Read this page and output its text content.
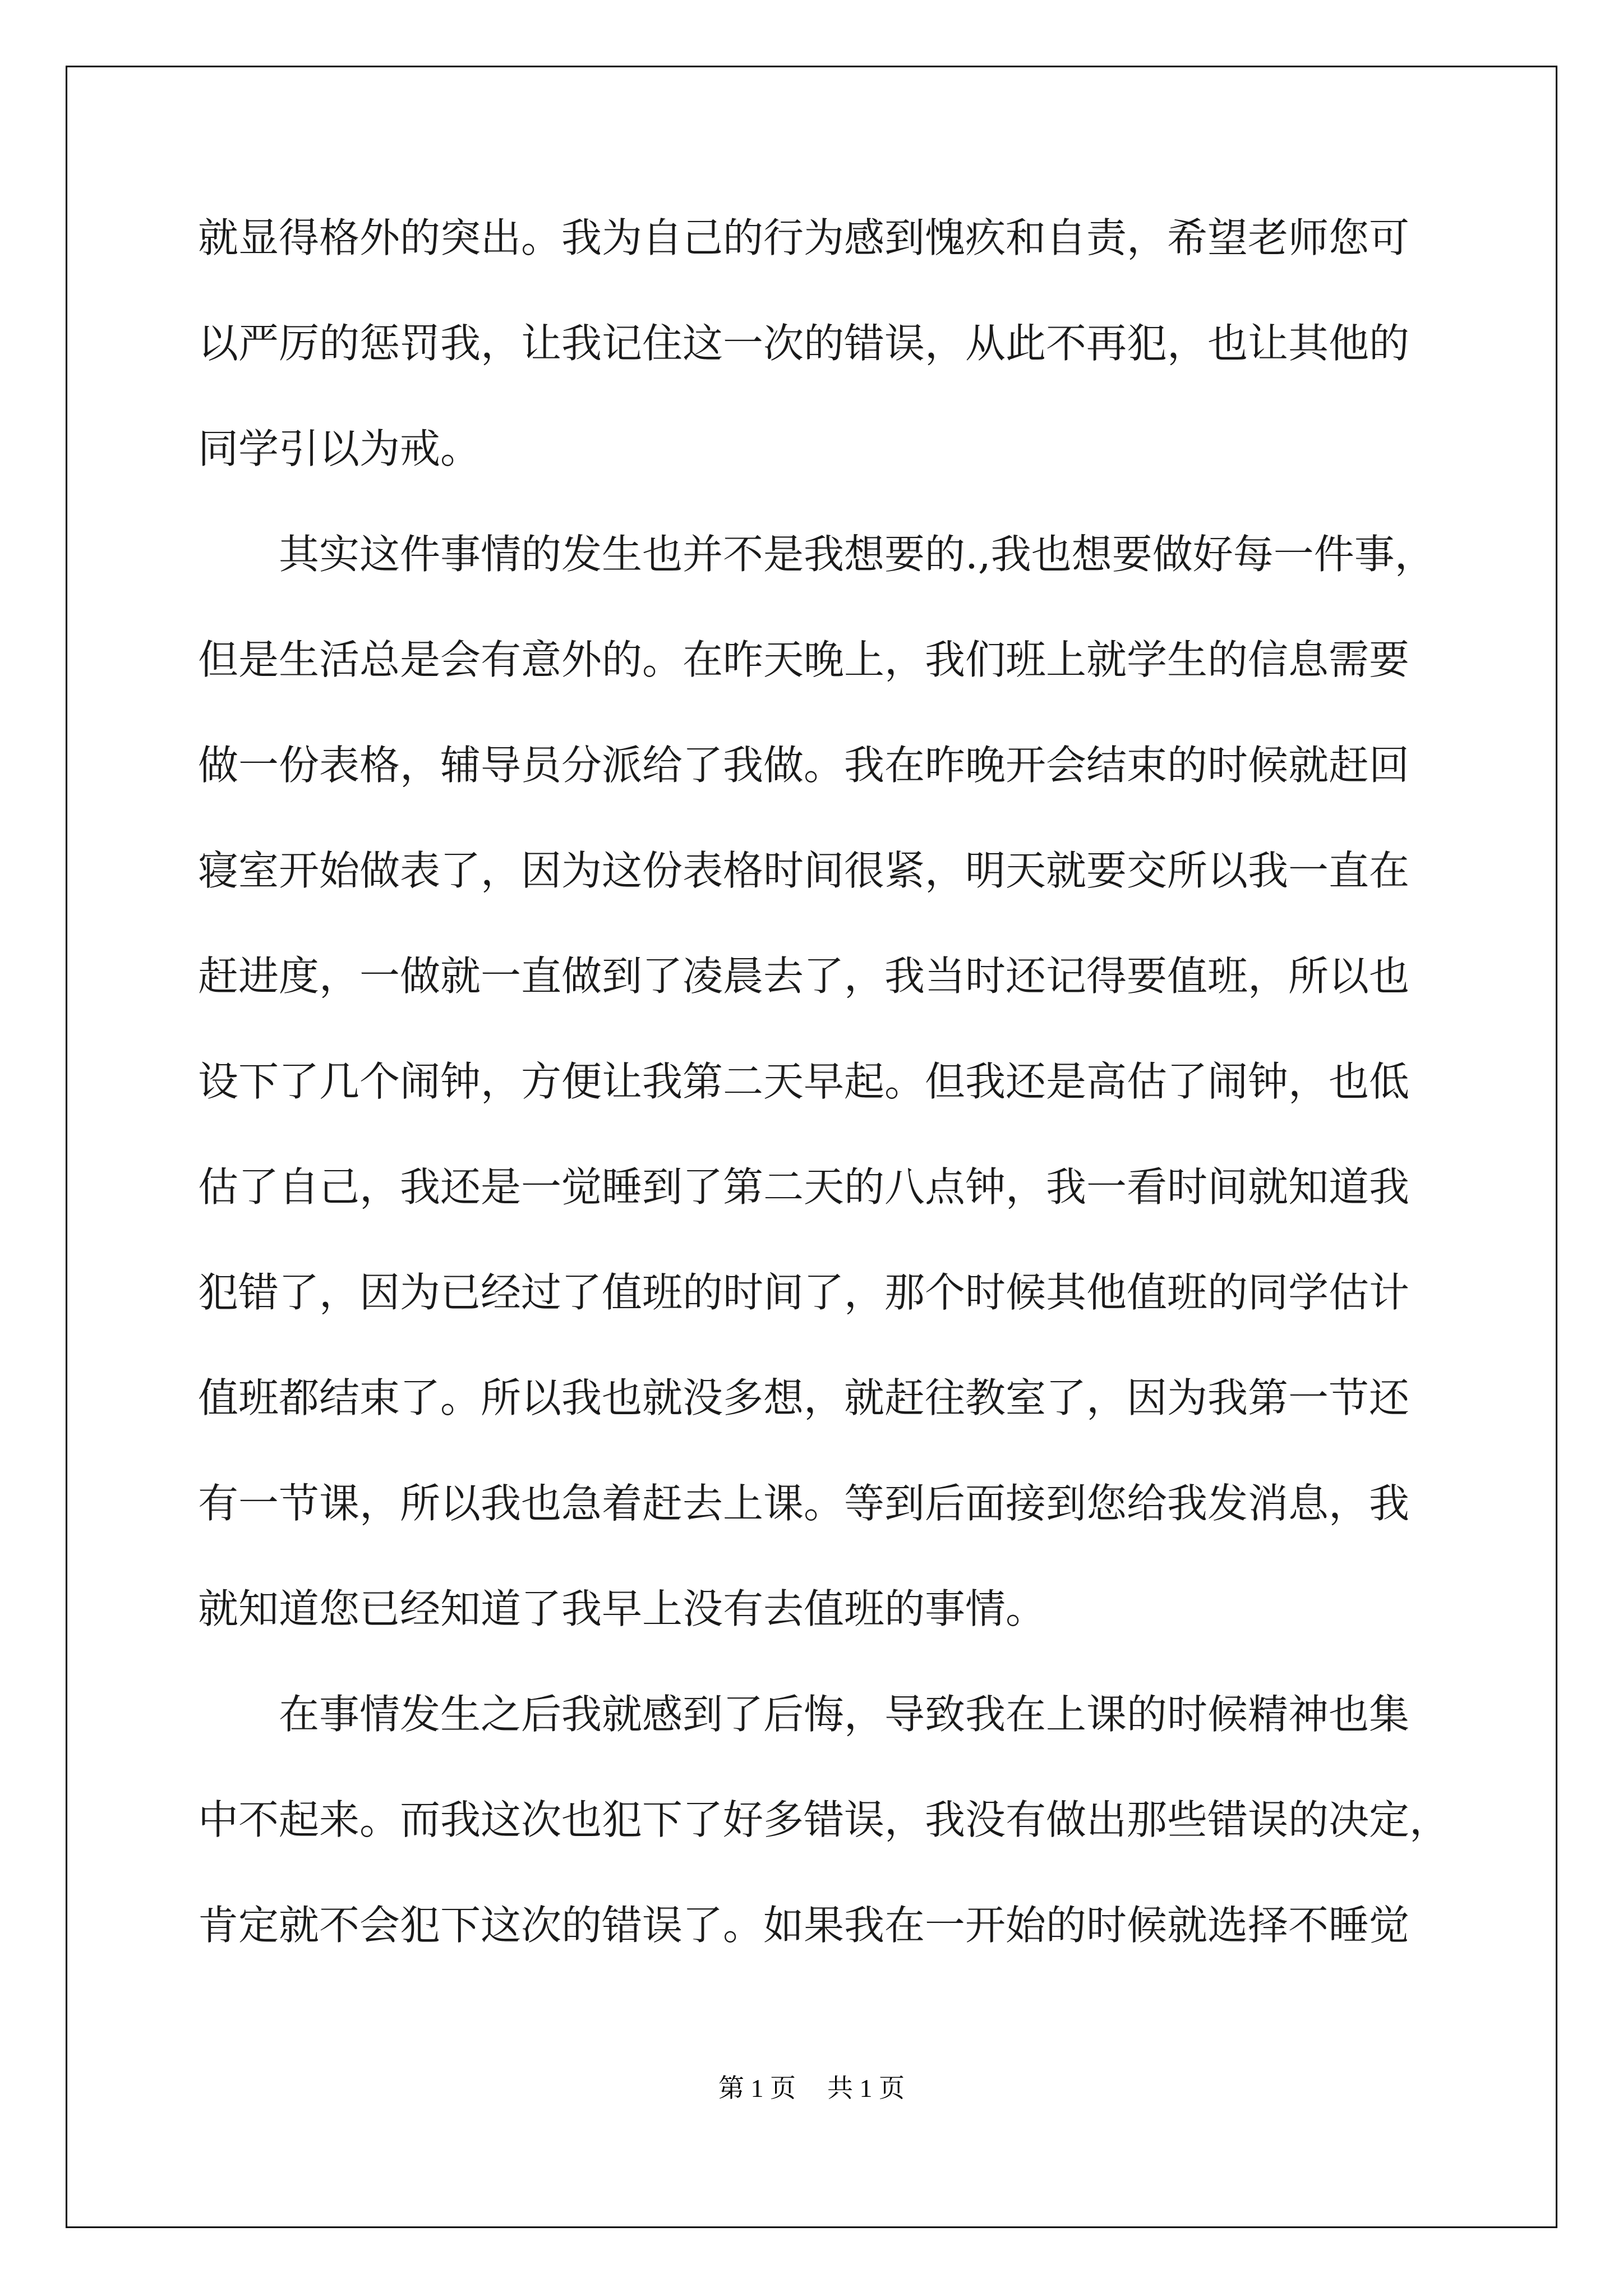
就显得格外的突出。我为自己的行为感到愧疚和自责，希望老师您可
以严厉的惩罚我，让我记住这一次的错误，从此不再犯，也让其他的
同学引以为戒。
　　其实这件事情的发生也并不是我想要的.,我也想要做好每一件事，
但是生活总是会有意外的。在昨天晚上，我们班上就学生的信息需要
做一份表格，辅导员分派给了我做。我在昨晚开会结束的时候就赶回
寝室开始做表了，因为这份表格时间很紧，明天就要交所以我一直在
赶进度，一做就一直做到了凌晨去了，我当时还记得要值班，所以也
设下了几个闹钟，方便让我第二天早起。但我还是高估了闹钟，也低
估了自己，我还是一觉睡到了第二天的八点钟，我一看时间就知道我
犯错了，因为已经过了值班的时间了，那个时候其他值班的同学估计
值班都结束了。所以我也就没多想，就赶往教室了，因为我第一节还
有一节课，所以我也急着赶去上课。等到后面接到您给我发消息，我
就知道您已经知道了我早上没有去值班的事情。
　　在事情发生之后我就感到了后悔，导致我在上课的时候精神也集
中不起来。而我这次也犯下了好多错误，我没有做出那些错误的决定，
肯定就不会犯下这次的错误了。如果我在一开始的时候就选择不睡觉
第 1 页 共 1 页
